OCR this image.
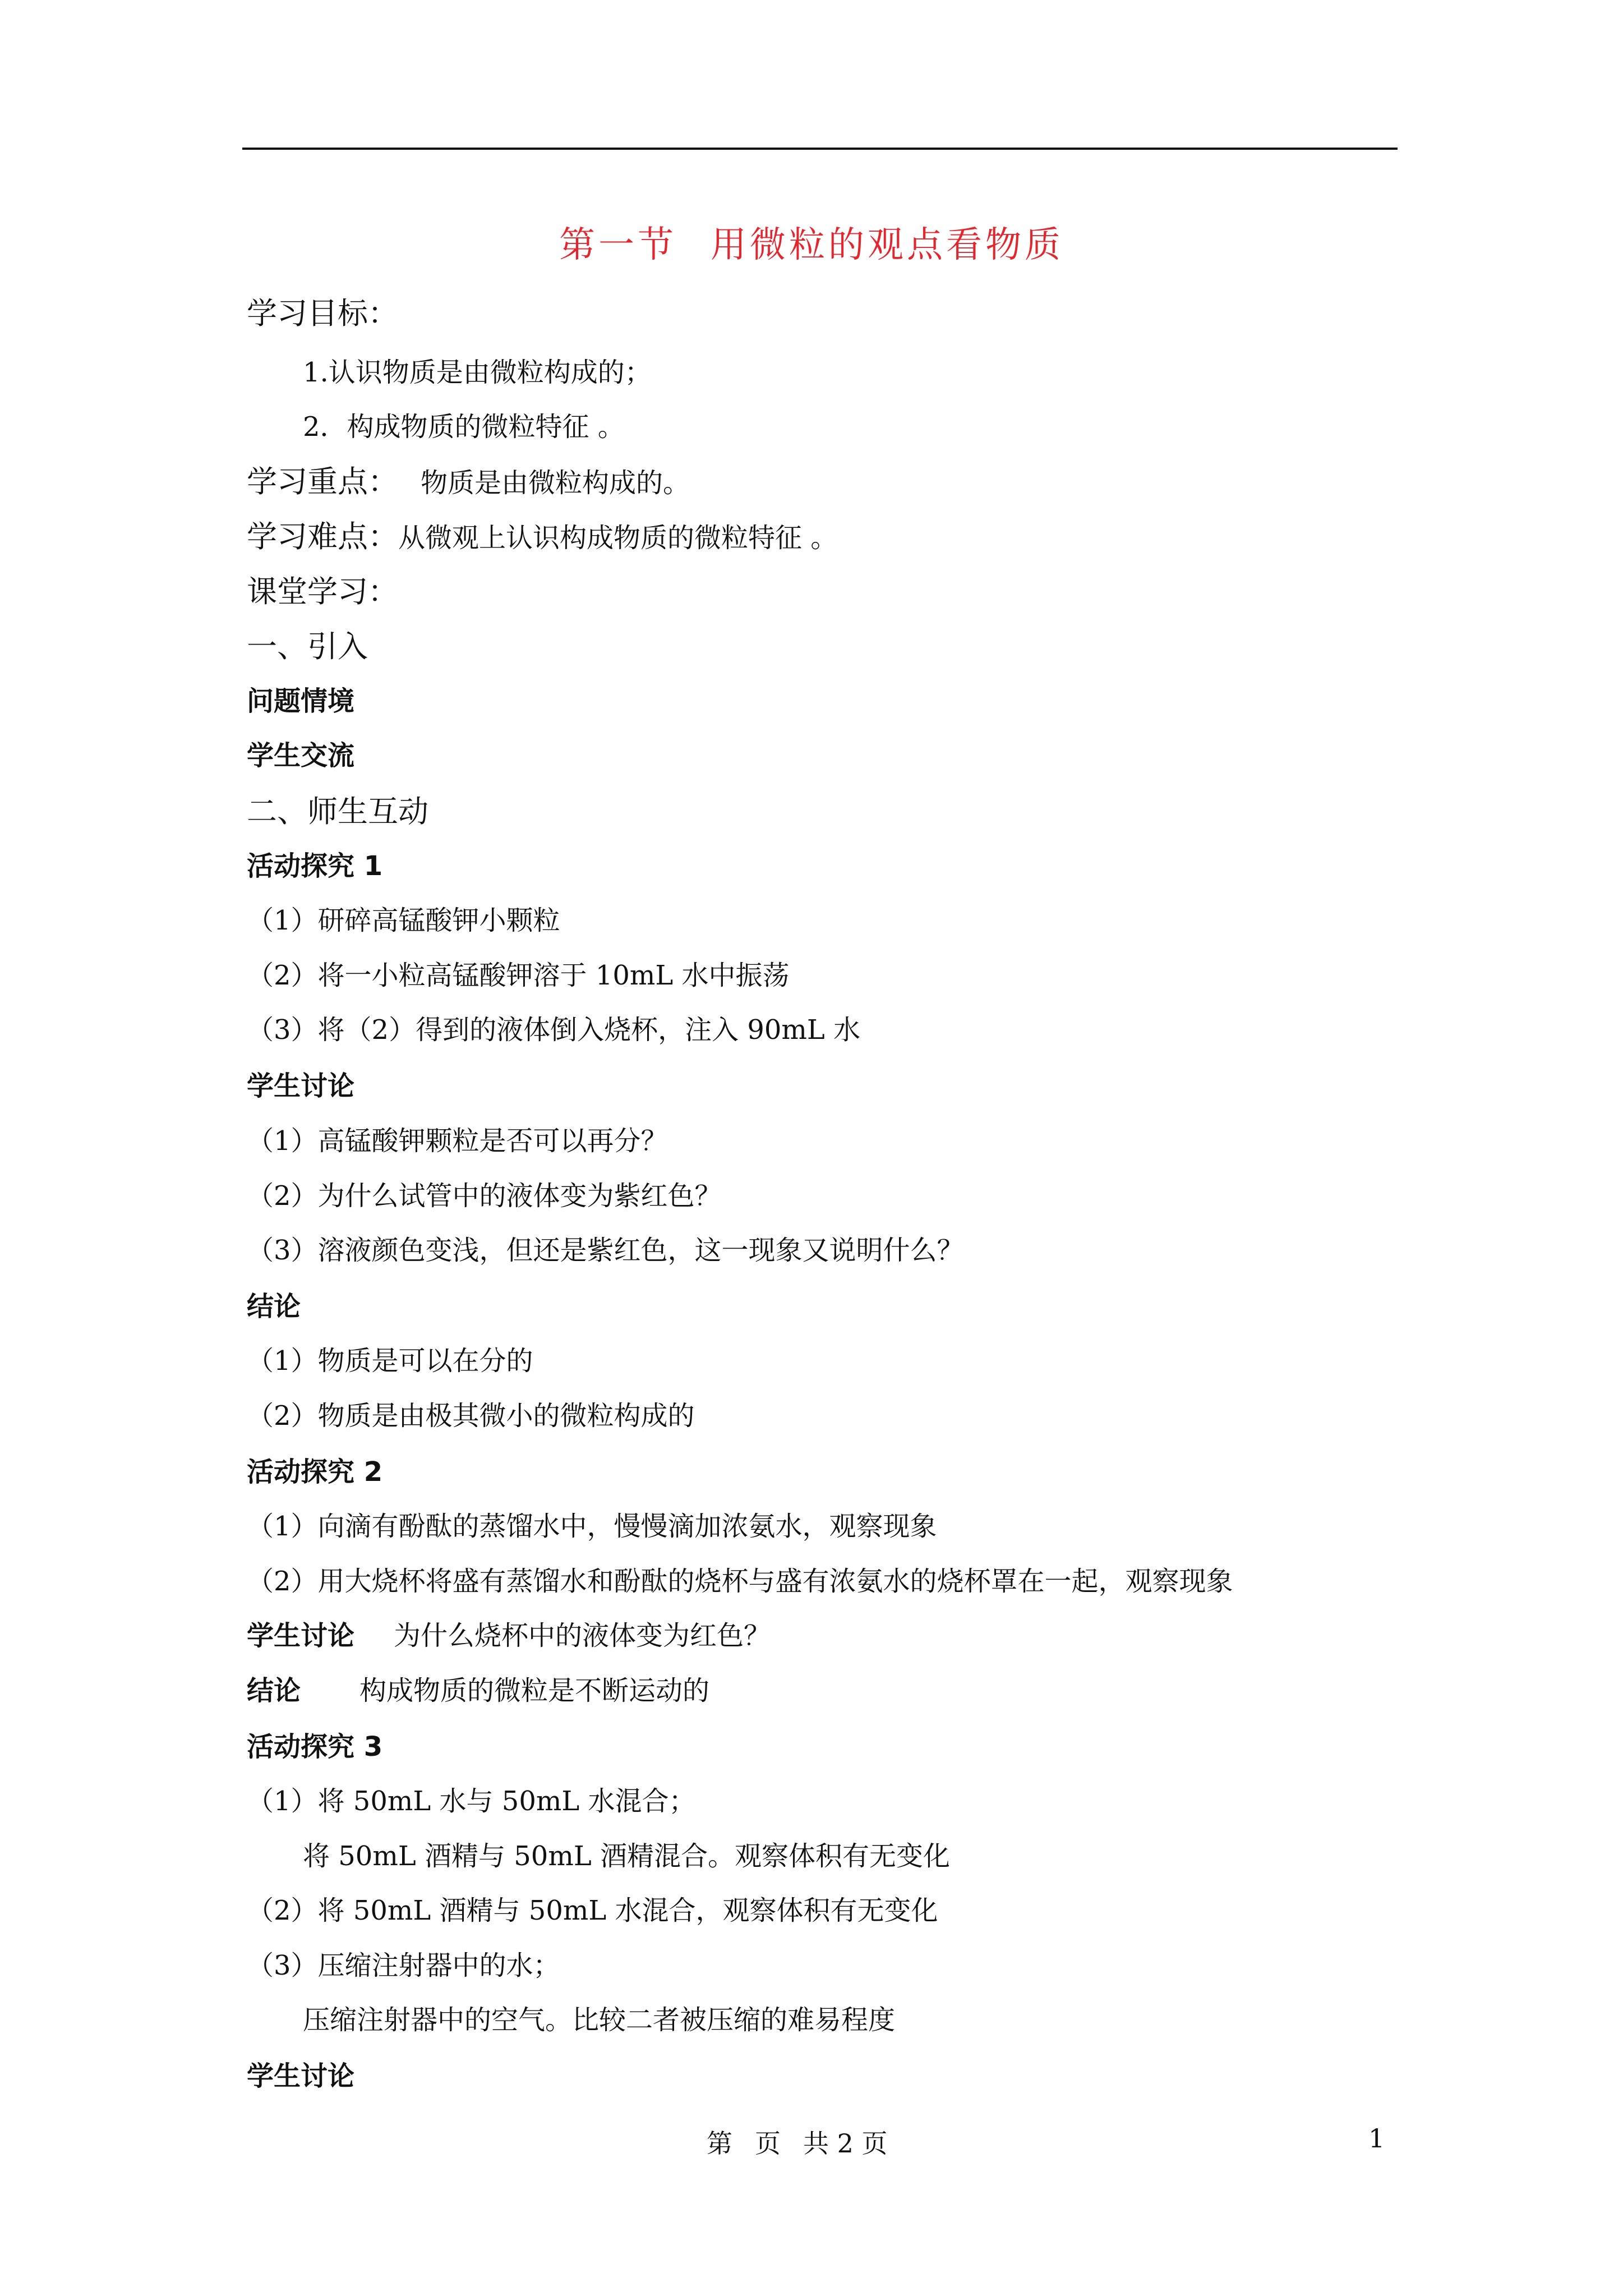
第一节 用微粒的观点看物质
学习目标：
1.认识物质是由微粒构成的；
2．构成物质的微粒特征 。
学习重点： 物质是由微粒构成的。
学习难点：从微观上认识构成物质的微粒特征 。
课堂学习：
一、引入
问题情境
学生交流
二、师生互动
活动探究 1
（1）研碎高锰酸钾小颗粒
（2）将一小粒高锰酸钾溶于 10mL 水中振荡
（3）将（2）得到的液体倒入烧杯，注入 90mL 水
学生讨论
（1）高锰酸钾颗粒是否可以再分？
（2）为什么试管中的液体变为紫红色？
（3）溶液颜色变浅，但还是紫红色，这一现象又说明什么？
结论
（1）物质是可以在分的
（2）物质是由极其微小的微粒构成的
活动探究 2
（1）向滴有酚酞的蒸馏水中，慢慢滴加浓氨水，观察现象
（2）用大烧杯将盛有蒸馏水和酚酞的烧杯与盛有浓氨水的烧杯罩在一起，观察现象
学生讨论 为什么烧杯中的液体变为红色？
结论 构成物质的微粒是不断运动的
活动探究 3
（1）将 50mL 水与 50mL 水混合；
将 50mL 酒精与 50mL 酒精混合。观察体积有无变化
（2）将 50mL 酒精与 50mL 水混合，观察体积有无变化
（3）压缩注射器中的水；
压缩注射器中的空气。比较二者被压缩的难易程度
学生讨论
第 页 共 2 页	1
